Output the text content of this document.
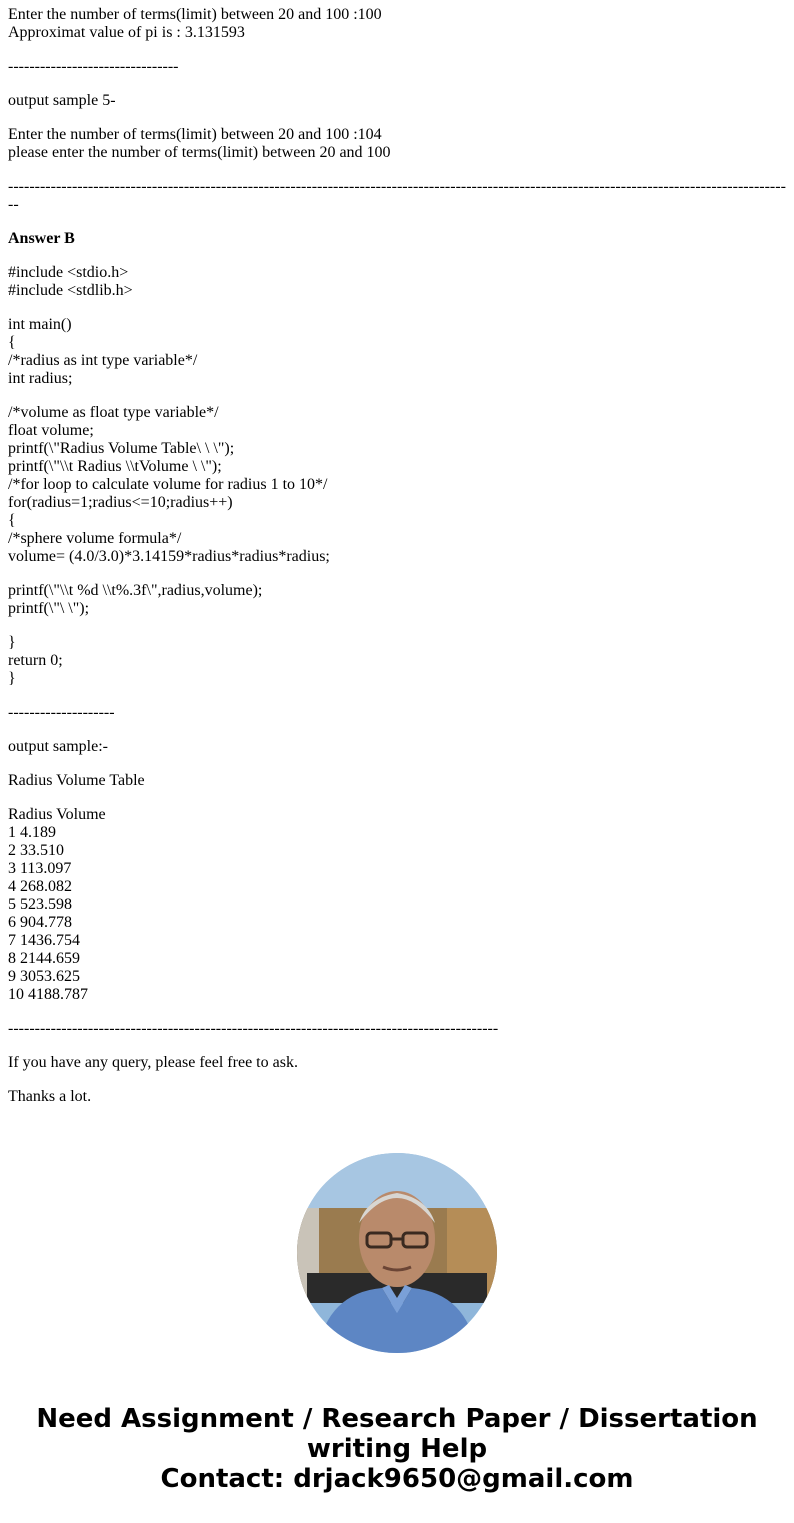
Enter the number of terms(limit) between 20 and 100 :100
Approximat value of pi is : 3.131593
--------------------------------
output sample 5-
Enter the number of terms(limit) between 20 and 100 :104
please enter the number of terms(limit) between 20 and 100
----------------------------------------------------------------------------------------------------------------------------------------------------
Answer B
#include <stdio.h>
#include <stdlib.h>
int main()
{
/*radius as int type variable*/
int radius;
/*volume as float type variable*/
float volume;
printf(\"Radius Volume Table\ \ \");
printf(\"\\t Radius \\tVolume \ \");
/*for loop to calculate volume for radius 1 to 10*/
for(radius=1;radius<=10;radius++)
{
/*sphere volume formula*/
volume= (4.0/3.0)*3.14159*radius*radius*radius;
printf(\"\\t %d \\t%.3f\",radius,volume);
printf(\"\ \");
}
return 0;
}
--------------------
output sample:-
Radius Volume Table
Radius Volume
1 4.189
2 33.510
3 113.097
4 268.082
5 523.598
6 904.778
7 1436.754
8 2144.659
9 3053.625
10 4188.787
--------------------------------------------------------------------------------------------
If you have any query, please feel free to ask.
Thanks a lot.
Need Assignment / Research Paper / Dissertation
writing Help
Contact: drjack9650@gmail.com
